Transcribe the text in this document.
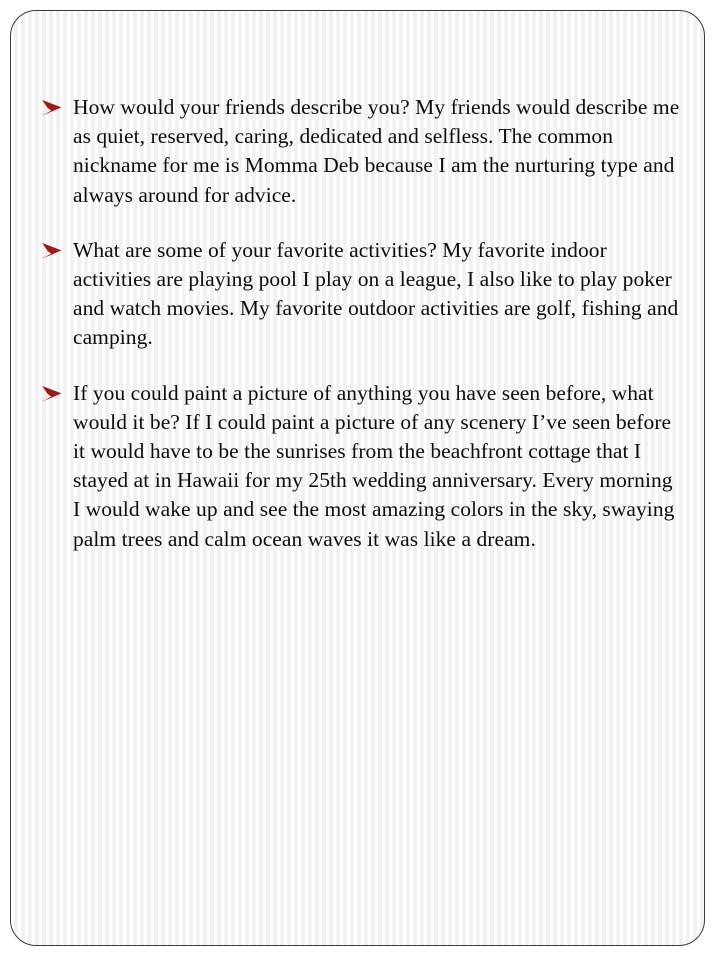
How would your friends describe you? My friends would describe me as quiet, reserved, caring, dedicated and selfless. The common nickname for me is Momma Deb because I am the nurturing type and always around for advice.
What are some of your favorite activities? My favorite indoor activities are playing pool I play on a league, I also like to play poker and watch movies. My favorite outdoor activities are golf, fishing and camping.
If you could paint a picture of anything you have seen before, what would it be? If I could paint a picture of any scenery I’ve seen before it would have to be the sunrises from the beachfront cottage that I stayed at in Hawaii for my 25th wedding anniversary. Every morning I would wake up and see the most amazing colors in the sky, swaying palm trees and calm ocean waves it was like a dream.
